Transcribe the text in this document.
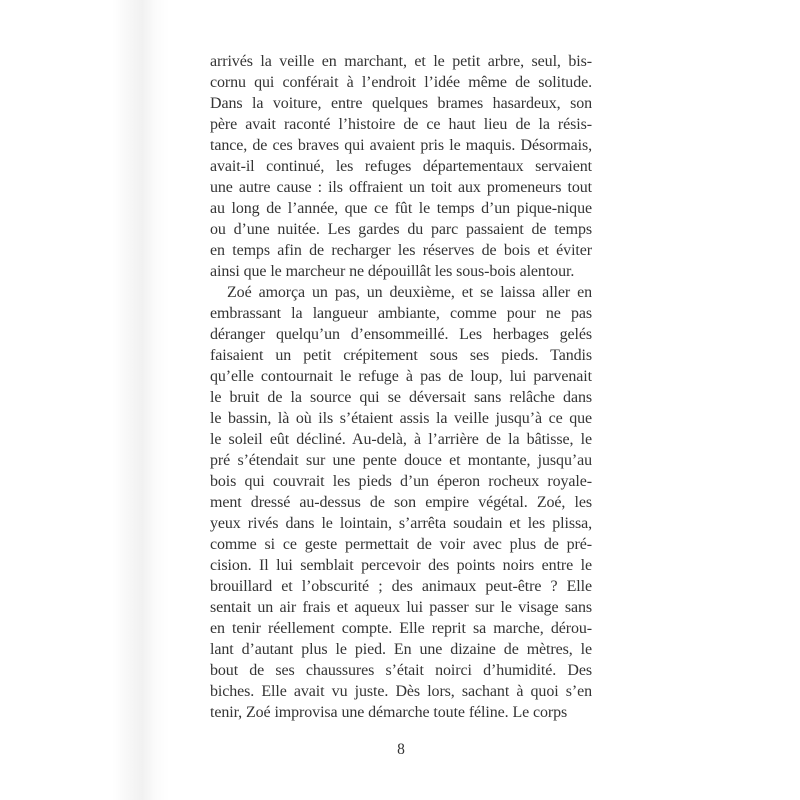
arrivés la veille en marchant, et le petit arbre, seul, bis-
cornu qui conférait à l’endroit l’idée même de solitude.
Dans la voiture, entre quelques brames hasardeux, son
père avait raconté l’histoire de ce haut lieu de la résis-
tance, de ces braves qui avaient pris le maquis. Désormais,
avait-il continué, les refuges départementaux servaient
une autre cause : ils offraient un toit aux promeneurs tout
au long de l’année, que ce fût le temps d’un pique-nique
ou d’une nuitée. Les gardes du parc passaient de temps
en temps afin de recharger les réserves de bois et éviter
ainsi que le marcheur ne dépouillât les sous-bois alentour.
Zoé amorça un pas, un deuxième, et se laissa aller en
embrassant la langueur ambiante, comme pour ne pas
déranger quelqu’un d’ensommeillé. Les herbages gelés
faisaient un petit crépitement sous ses pieds. Tandis
qu’elle contournait le refuge à pas de loup, lui parvenait
le bruit de la source qui se déversait sans relâche dans
le bassin, là où ils s’étaient assis la veille jusqu’à ce que
le soleil eût décliné. Au-delà, à l’arrière de la bâtisse, le
pré s’étendait sur une pente douce et montante, jusqu’au
bois qui couvrait les pieds d’un éperon rocheux royale-
ment dressé au-dessus de son empire végétal. Zoé, les
yeux rivés dans le lointain, s’arrêta soudain et les plissa,
comme si ce geste permettait de voir avec plus de pré-
cision. Il lui semblait percevoir des points noirs entre le
brouillard et l’obscurité ; des animaux peut-être ? Elle
sentait un air frais et aqueux lui passer sur le visage sans
en tenir réellement compte. Elle reprit sa marche, dérou-
lant d’autant plus le pied. En une dizaine de mètres, le
bout de ses chaussures s’était noirci d’humidité. Des
biches. Elle avait vu juste. Dès lors, sachant à quoi s’en
tenir, Zoé improvisa une démarche toute féline. Le corps
8
